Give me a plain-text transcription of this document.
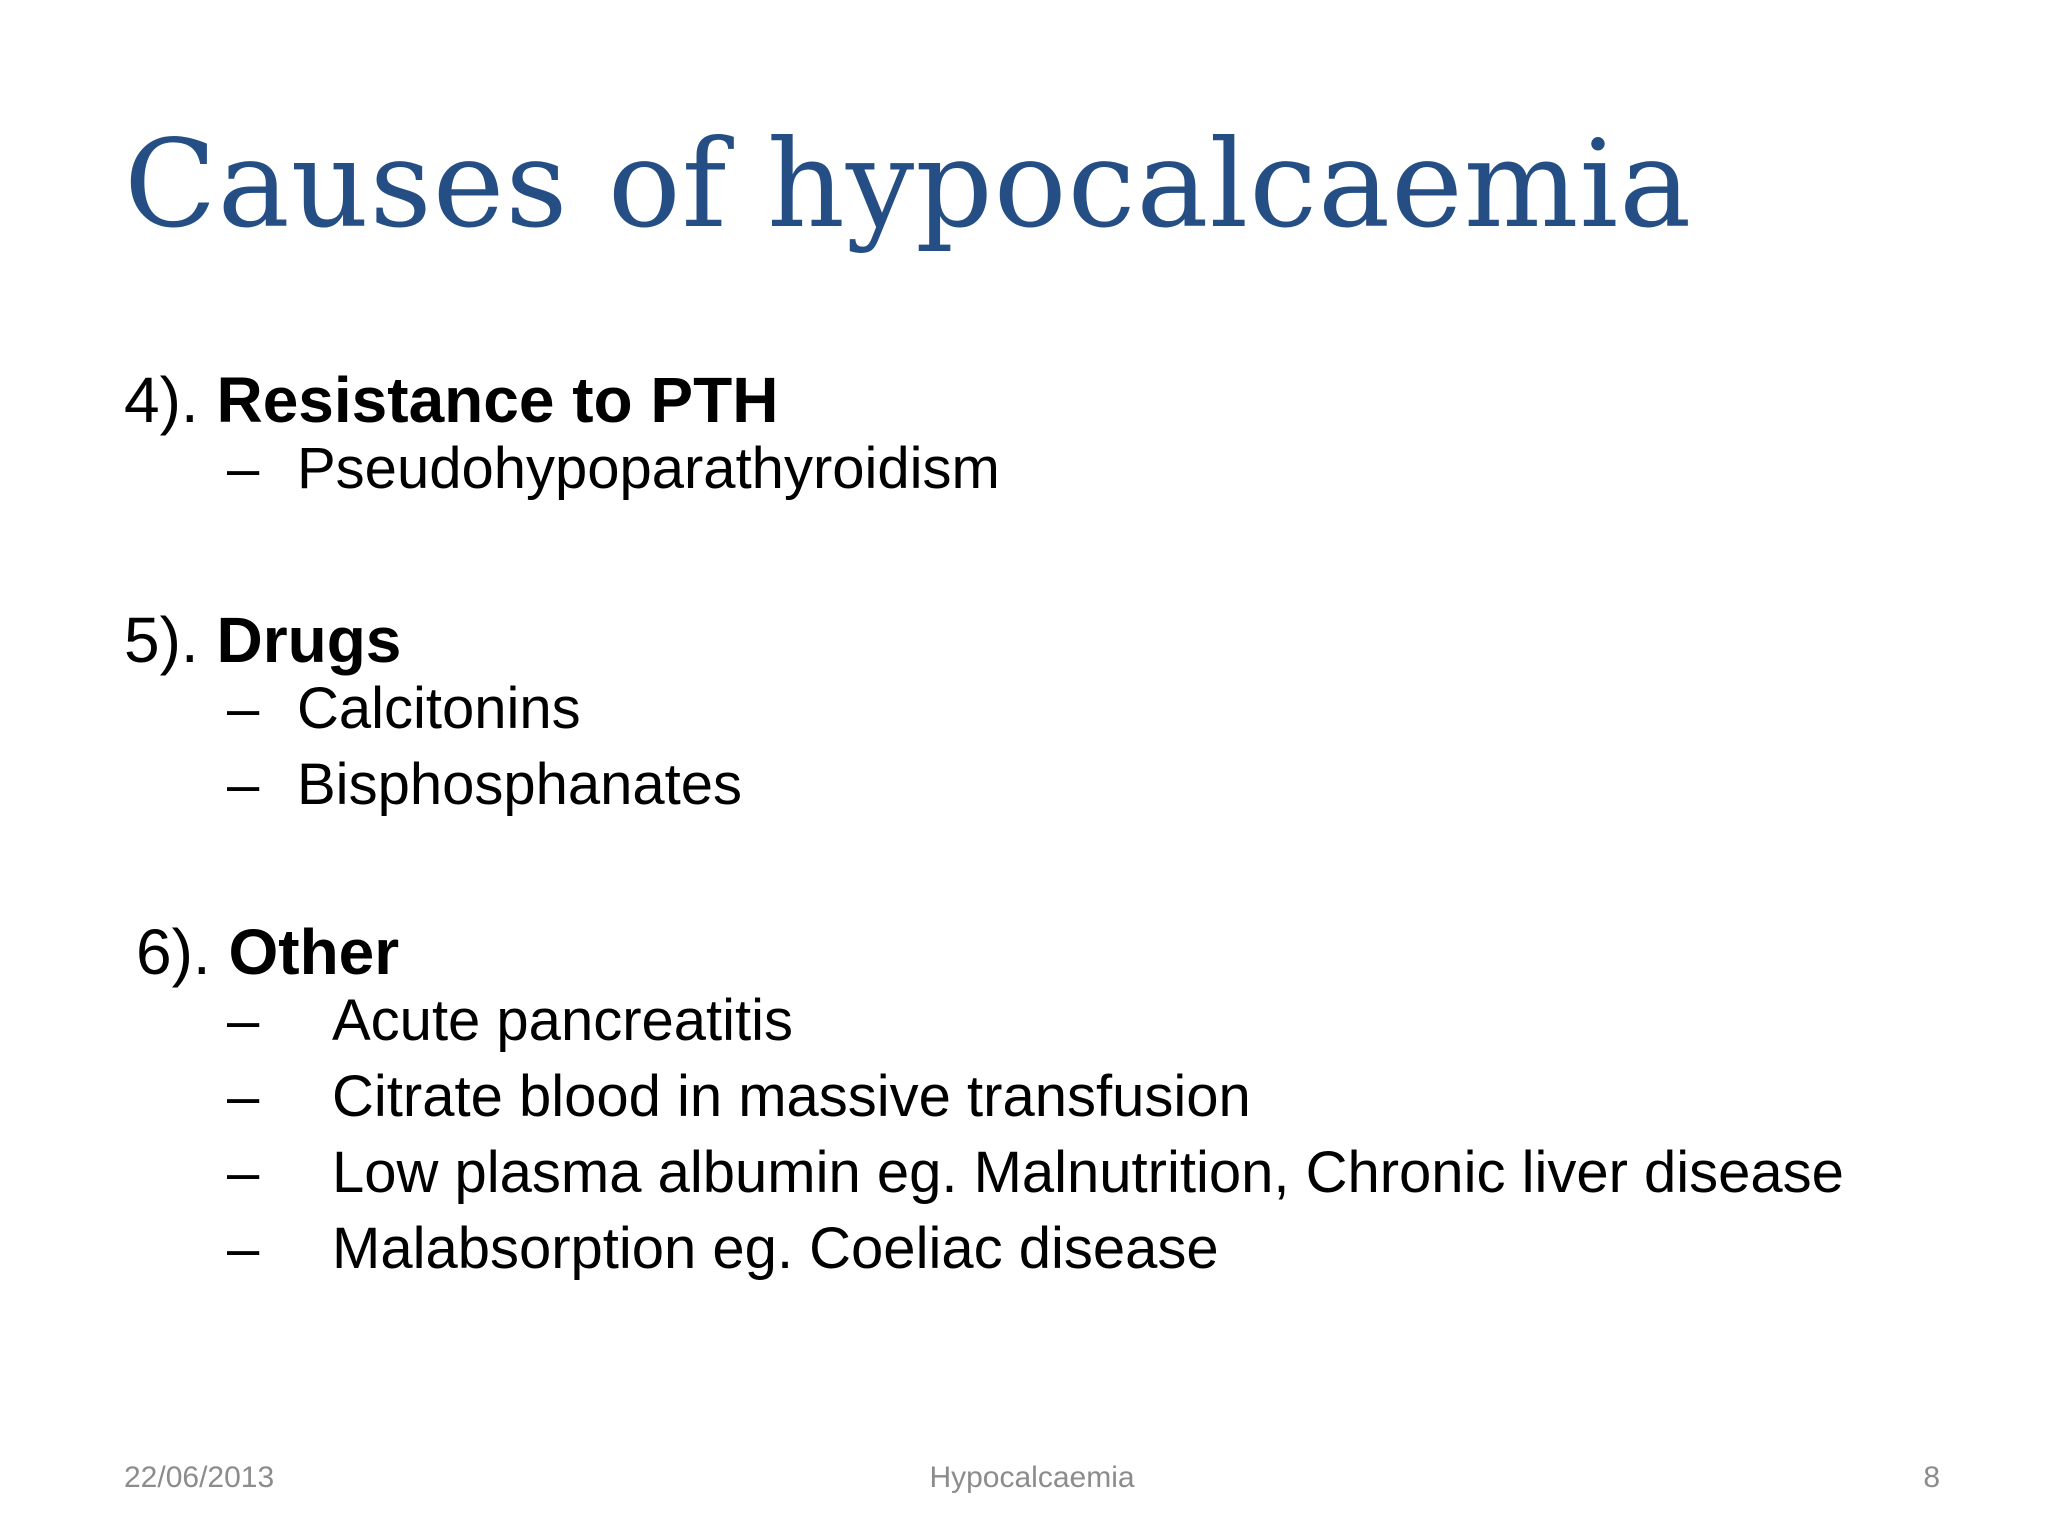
Causes of hypocalcaemia
4). Resistance to PTH
– Pseudohypoparathyroidism
5). Drugs
– Calcitonins
– Bisphosphanates
6). Other
– Acute pancreatitis
– Citrate blood in massive transfusion
– Low plasma albumin eg. Malnutrition, Chronic liver disease
– Malabsorption eg. Coeliac disease
22/06/2013	Hypocalcaemia	8
